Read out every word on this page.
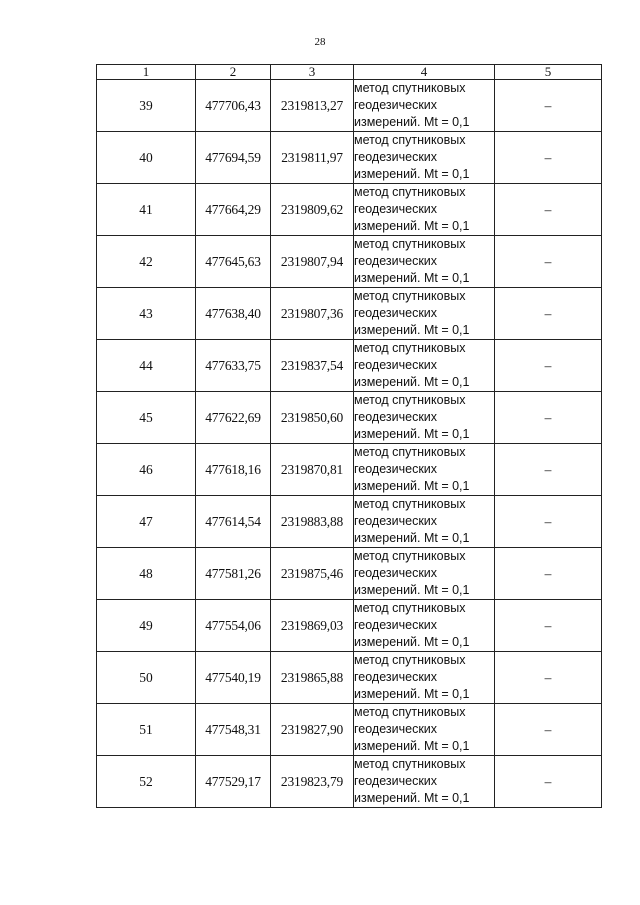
28
1	2	3	4	5
39	477706,43	2319813,27	метод спутниковых
геодезических
измерений. Mt = 0,1	–
40	477694,59	2319811,97	метод спутниковых
геодезических
измерений. Mt = 0,1	–
41	477664,29	2319809,62	метод спутниковых
геодезических
измерений. Mt = 0,1	–
42	477645,63	2319807,94	метод спутниковых
геодезических
измерений. Mt = 0,1	–
43	477638,40	2319807,36	метод спутниковых
геодезических
измерений. Mt = 0,1	–
44	477633,75	2319837,54	метод спутниковых
геодезических
измерений. Mt = 0,1	–
45	477622,69	2319850,60	метод спутниковых
геодезических
измерений. Mt = 0,1	–
46	477618,16	2319870,81	метод спутниковых
геодезических
измерений. Mt = 0,1	–
47	477614,54	2319883,88	метод спутниковых
геодезических
измерений. Mt = 0,1	–
48	477581,26	2319875,46	метод спутниковых
геодезических
измерений. Mt = 0,1	–
49	477554,06	2319869,03	метод спутниковых
геодезических
измерений. Mt = 0,1	–
50	477540,19	2319865,88	метод спутниковых
геодезических
измерений. Mt = 0,1	–
51	477548,31	2319827,90	метод спутниковых
геодезических
измерений. Mt = 0,1	–
52	477529,17	2319823,79	метод спутниковых
геодезических
измерений. Mt = 0,1	–
